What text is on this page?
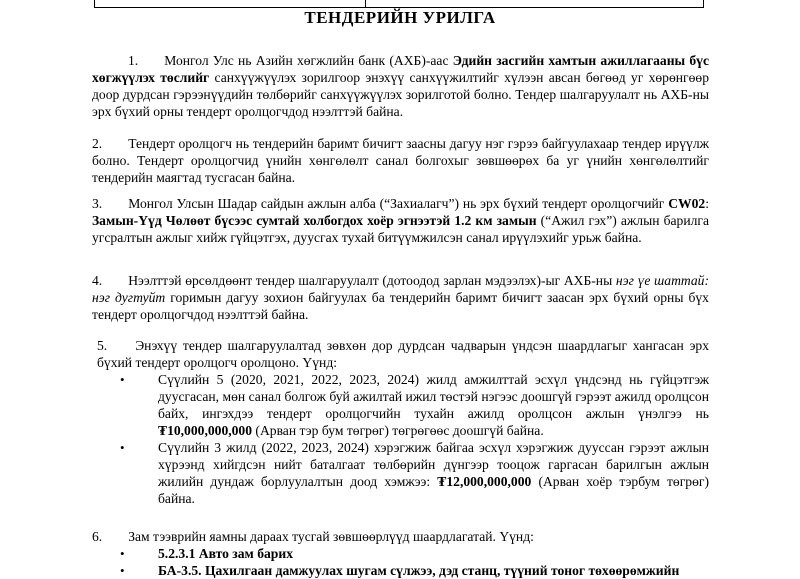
ТЕНДЕРИЙН УРИЛГА

1. Монгол Улс нь Азийн хөгжлийн банк (АХБ)-аас Эдийн засгийн хамтын ажиллагааны бүс хөгжүүлэх төслийг санхүүжүүлэх зорилгоор энэхүү санхүүжилтийг хүлээн авсан бөгөөд уг хөрөнгөөр доор дурдсан гэрээнүүдийн төлбөрийг санхүүжүүлэх зорилготой болно. Тендер шалгаруулалт нь АХБ-ны эрх бүхий орны тендерт оролцогчдод нээлттэй байна.

2. Тендерт оролцогч нь тендерийн баримт бичигт заасны дагуу нэг гэрээ байгуулахаар тендер ирүүлж болно. Тендерт оролцогчид үнийн хөнгөлөлт санал болгохыг зөвшөөрөх ба уг үнийн хөнгөлөлтийг тендерийн маягтад тусгасан байна.

3. Монгол Улсын Шадар сайдын ажлын алба (“Захиалагч”) нь эрх бүхий тендерт оролцогчийг CW02: Замын-Үүд Чөлөөт бүсээс сумтай холбогдох хоёр эгнээтэй 1.2 км замын (“Ажил гэх”) ажлын барилга угсралтын ажлыг хийж гүйцэтгэх, дуусгах тухай битүүмжилсэн санал ирүүлэхийг урьж байна.

4. Нээлттэй өрсөлдөөнт тендер шалгаруулалт (дотоодод зарлан мэдээлэх)-ыг АХБ-ны нэг үе шаттай: нэг дугтуйт горимын дагуу зохион байгуулах ба тендерийн баримт бичигт заасан эрх бүхий орны бүх тендерт оролцогчдод нээлттэй байна.

5. Энэхүү тендер шалгаруулалтад зөвхөн дор дурдсан чадварын үндсэн шаардлагыг хангасан эрх бүхий тендерт оролцогч оролцоно. Үүнд:

• Сүүлийн 5 (2020, 2021, 2022, 2023, 2024) жилд амжилттай эсхүл үндсэнд нь гүйцэтгэж дуусгасан, мөн санал болгож буй ажилтай ижил төстэй нэгээс доошгүй гэрээт ажилд оролцсон байх, ингэхдээ тендерт оролцогчийн тухайн ажилд оролцсон ажлын үнэлгээ нь ₮10,000,000,000 (Арван тэр бум төгрөг) төгрөгөөс доошгүй байна.
• Сүүлийн 3 жилд (2022, 2023, 2024) хэрэгжиж байгаа эсхүл хэрэгжиж дууссан гэрээт ажлын хүрээнд хийгдсэн нийт баталгаат төлбөрийн дүнгээр тооцож гаргасан барилгын ажлын жилийн дундаж борлуулалтын доод хэмжээ: ₮12,000,000,000 (Арван хоёр тэрбум төгрөг) байна.

6. Зам тээврийн яамны дараах тусгай зөвшөөрлүүд шаардлагатай. Үүнд:

• 5.2.3.1 Авто зам барих
• БА-3.5. Цахилгаан дамжуулах шугам сүлжээ, дэд станц, түүний тоног төхөөрөмжийн
